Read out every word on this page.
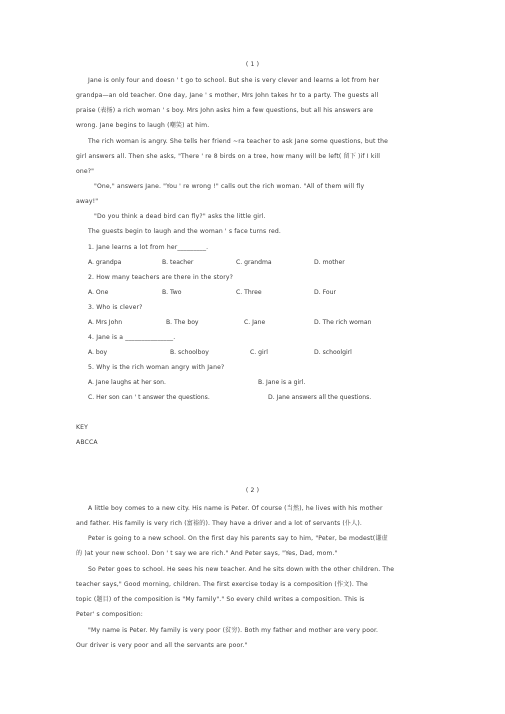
( 1 )
Jane is only four and doesn ' t go to school. But she is very clever and learns a lot from her
grandpa—an old teacher. One day, Jane ' s mother, Mrs John takes hr to a party. The guests all
praise (表扬) a rich woman ' s boy. Mrs John asks him a few questions, but all his answers are
wrong. Jane begins to laugh (嘲笑) at him.
The rich woman is angry. She tells her friend ~ra teacher to ask Jane some questions, but the
girl answers all. Then she asks, "There ' re 8 birds on a tree, how many will be left( 留下 )if I kill
one?"
"One," answers Jane. "You ' re wrong !" calls out the rich woman. "All of them will fly
away!"
"Do you think a dead bird can fly?" asks the little girl.
The guests begin to laugh and the woman ' s face turns red.
1. Jane learns a lot from her_________.
A. grandpa	B. teacher	C. grandma	D. mother
2. How many teachers are there in the story?
A. One	B. Two	C. Three	D. Four
3. Who is clever?
A. Mrs John	B. The boy	C. Jane	D. The rich woman
4. Jane is a _______________.
A. boy	B. schoolboy	C. girl	D. schoolgirl
5. Why is the rich woman angry with Jane?
A. Jane laughs at her son.	B. Jane is a girl.
C. Her son can ' t answer the questions.	D. Jane answers all the questions.
KEY
ABCCA
( 2 )
A little boy comes to a new city. His name is Peter. Of course (当然), he lives with his mother
and father. His family is very rich (富裕的). They have a driver and a lot of servants (仆人).
Peter is going to a new school. On the first day his parents say to him, "Peter, be modest(谦虚
的 )at your new school. Don ' t say we are rich." And Peter says, "Yes, Dad, mom."
So Peter goes to school. He sees his new teacher. And he sits down with the other children. The
teacher says," Good morning, children. The first exercise today is a composition (作文). The
topic (题目) of the composition is "My family"." So every child writes a composition. This is
Peter' s composition:
"My name is Peter. My family is very poor (贫穷). Both my father and mother are very poor.
Our driver is very poor and all the servants are poor."
